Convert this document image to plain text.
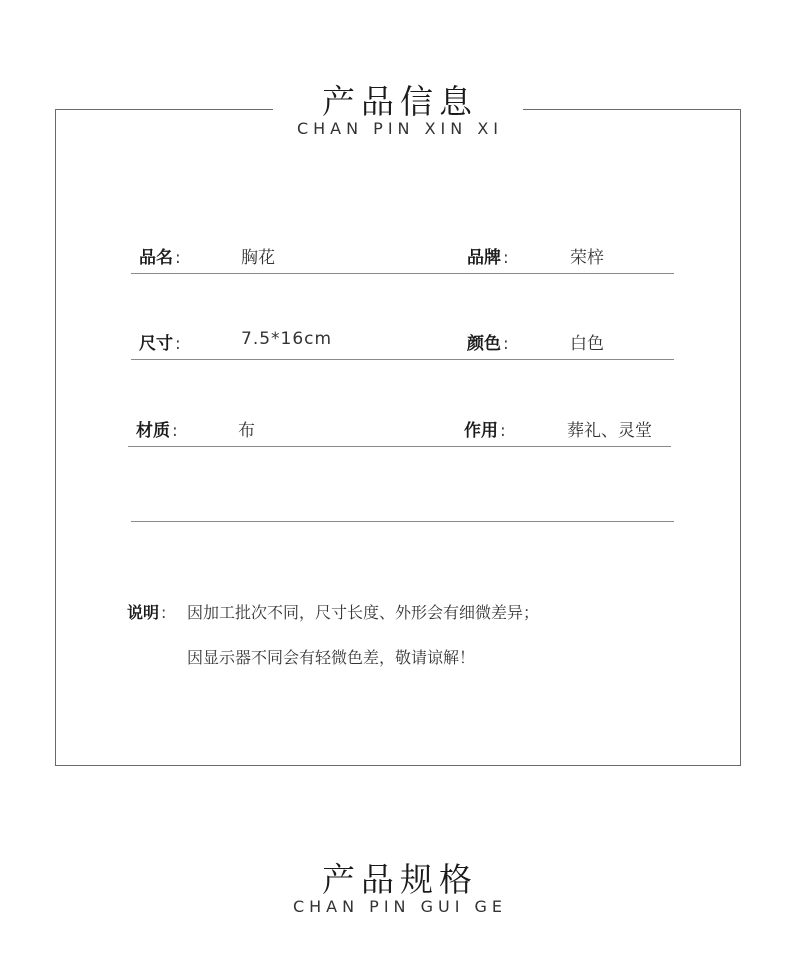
产品信息
CHAN PIN XIN XI
品名 :	胸花	品牌 :	荣梓
尺寸 :	7.5*16cm	颜色 :	白色
材质 :	布	作用 :	葬礼、灵堂
说明 : 因加工批次不同，尺寸长度、外形会有细微差异；
因显示器不同会有轻微色差，敬请谅解！
产品规格
CHAN PIN GUI GE
